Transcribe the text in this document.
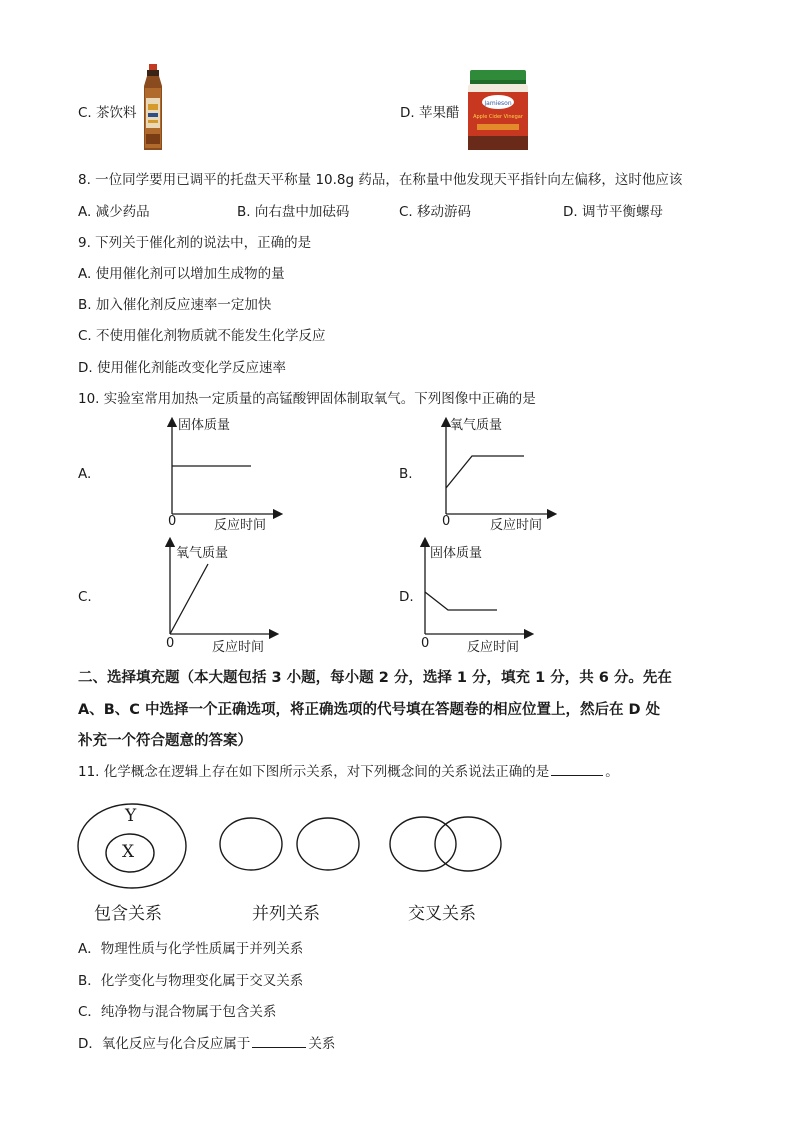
C. 茶饮料	D. 苹果醋
Jamieson
Apple Cider Vinegar
8. 一位同学要用已调平的托盘天平称量 10.8g 药品，在称量中他发现天平指针向左偏移，这时他应该
A. 减少药品	B. 向右盘中加砝码	C. 移动游码	D. 调节平衡螺母
9. 下列关于催化剂的说法中，正确的是
A. 使用催化剂可以增加生成物的量
B. 加入催化剂反应速率一定加快
C. 不使用催化剂物质就不能发生化学反应
D. 使用催化剂能改变化学反应速率
10. 实验室常用加热一定质量的高锰酸钾固体制取氧气。下列图像中正确的是
A.
固体质量
0	反应时间
B.
氧气质量
0	反应时间
C.
氧气质量
0	反应时间
D.
固体质量
0	反应时间
二、选择填充题（本大题包括 3 小题，每小题 2 分，选择 1 分，填充 1 分，共 6 分。先在
A、B、C 中选择一个正确选项，将正确选项的代号填在答题卷的相应位置上，然后在 D 处
补充一个符合题意的答案）
11. 化学概念在逻辑上存在如下图所示关系，对下列概念间的关系说法正确的是	。
Y
X
包含关系	并列关系	交叉关系
A．物理性质与化学性质属于并列关系
B．化学变化与物理变化属于交叉关系
C．纯净物与混合物属于包含关系
D．氧化反应与化合反应属于	关系
